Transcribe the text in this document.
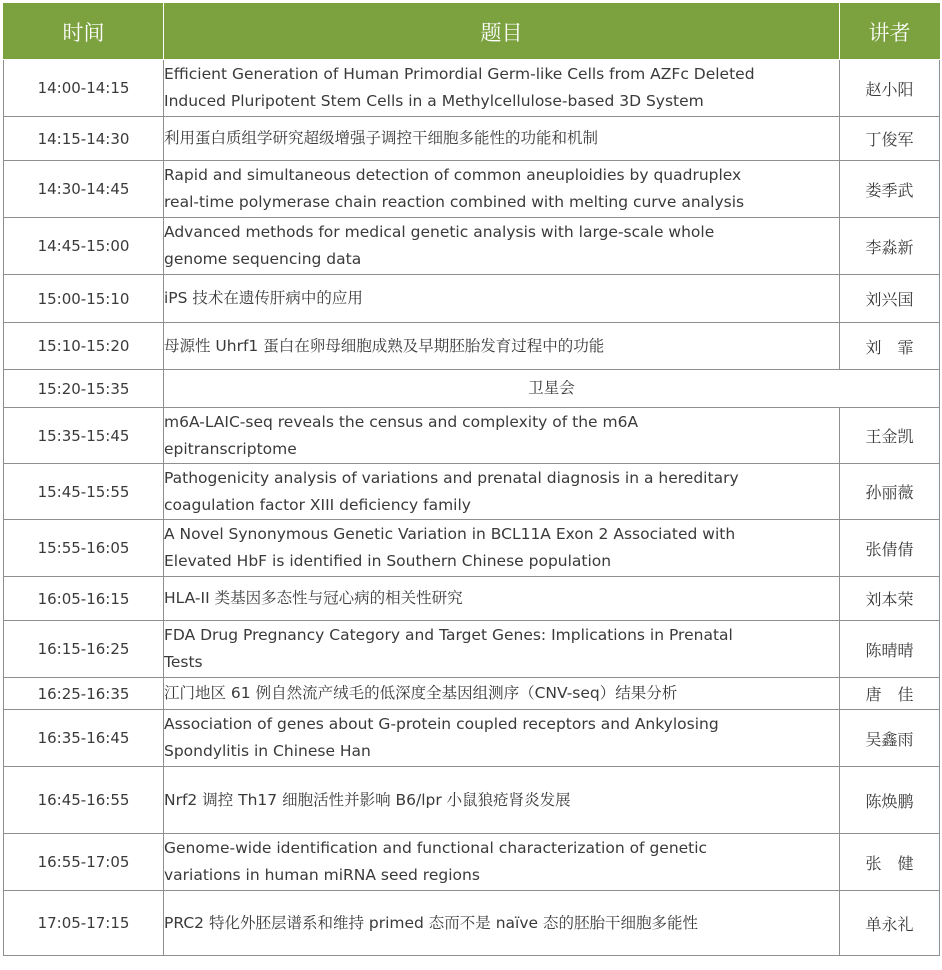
时间	题目	讲者
14:00-14:15	Efficient Generation of Human Primordial Germ-like Cells from AZFc Deleted
Induced Pluripotent Stem Cells in a Methylcellulose-based 3D System	赵小阳
14:15-14:30	利用蛋白质组学研究超级增强子调控干细胞多能性的功能和机制	丁俊军
14:30-14:45	Rapid and simultaneous detection of common aneuploidies by quadruplex
real-time polymerase chain reaction combined with melting curve analysis	娄季武
14:45-15:00	Advanced methods for medical genetic analysis with large-scale whole
genome sequencing data	李淼新
15:00-15:10	iPS 技术在遗传肝病中的应用	刘兴国
15:10-15:20	母源性 Uhrf1 蛋白在卵母细胞成熟及早期胚胎发育过程中的功能	刘　霏
15:20-15:35	卫星会	

15:35-15:45	m6A-LAIC-seq reveals the census and complexity of the m6A
epitranscriptome	王金凯
15:45-15:55	Pathogenicity analysis of variations and prenatal diagnosis in a hereditary
coagulation factor XIII deficiency family	孙丽薇
15:55-16:05	A Novel Synonymous Genetic Variation in BCL11A Exon 2 Associated with
Elevated HbF is identified in Southern Chinese population	张倩倩
16:05-16:15	HLA-II 类基因多态性与冠心病的相关性研究	刘本荣
16:15-16:25	FDA Drug Pregnancy Category and Target Genes: Implications in Prenatal
Tests	陈晴晴
16:25-16:35	江门地区 61 例自然流产绒毛的低深度全基因组测序（CNV-seq）结果分析	唐　佳
16:35-16:45	Association of genes about G-protein coupled receptors and Ankylosing
Spondylitis in Chinese Han	吴鑫雨
16:45-16:55	Nrf2 调控 Th17 细胞活性并影响 B6/lpr 小鼠狼疮肾炎发展	陈焕鹏
16:55-17:05	Genome-wide identification and functional characterization of genetic
variations in human miRNA seed regions	张　健
17:05-17:15	PRC2 特化外胚层谱系和维持 primed 态而不是 naïve 态的胚胎干细胞多能性	单永礼
